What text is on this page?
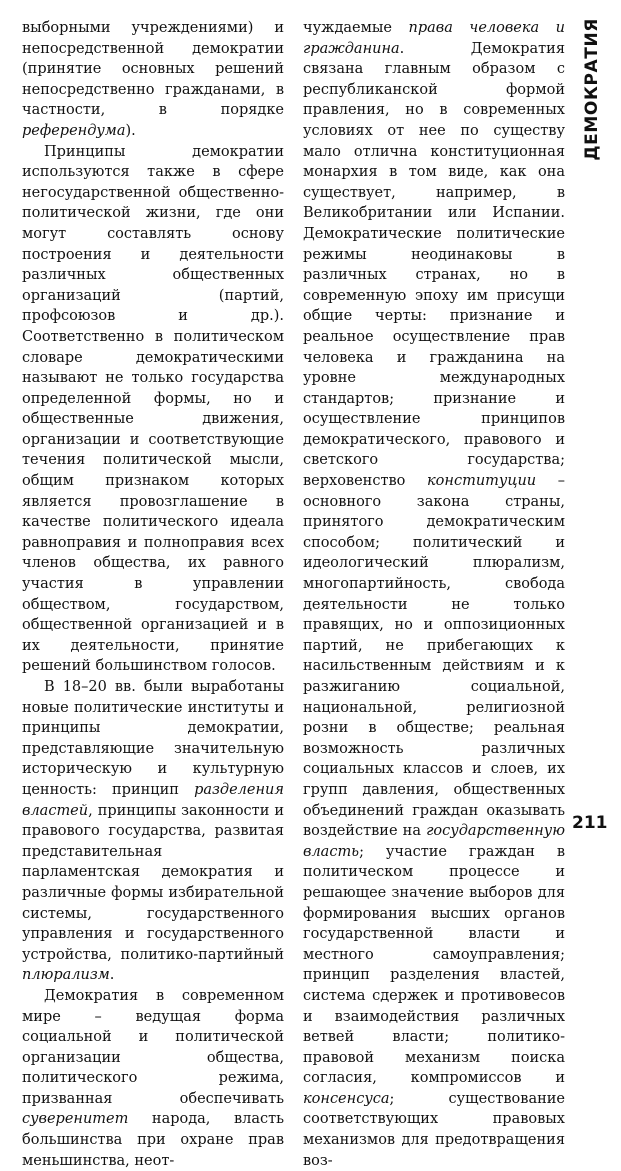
выборными учреждениями) и непосредственной демократии (принятие основных решений непосредственно гражданами, в частности, в порядке референдума).

Принципы демократии используются также в сфере негосударственной общественно-политической жизни, где они могут составлять основу построения и деятельности различных общественных организаций (партий, профсоюзов и др.). Соответственно в политическом словаре демократическими называют не только государства определенной формы, но и общественные движения, организации и соответствующие течения политической мысли, общим признаком которых является провозглашение в качестве политического идеала равноправия и полноправия всех членов общества, их равного участия в управлении обществом, государством, общественной организацией и в их деятельности, принятие решений большинством голосов.

В 18–20 вв. были выработаны новые политические институты и принципы демократии, представляющие значительную историческую и культурную ценность: принцип разделения властей, принципы законности и правового государства, развитая представительная парламентская демократия и различные формы избирательной системы, государственного управления и государственного устройства, политико-партийный плюрализм.

Демократия в современном мире – ведущая форма социальной и политической организации общества, политического режима, призванная обеспечивать суверенитет народа, власть большинства при охране прав меньшинства, неот-

чуждаемые права человека и гражданина. Демократия связана главным образом с республиканской формой правления, но в современных условиях от нее по существу мало отлична конституционная монархия в том виде, как она существует, например, в Великобритании или Испании. Демократические политические режимы неодинаковы в различных странах, но в современную эпоху им присущи общие черты: признание и реальное осуществление прав человека и гражданина на уровне международных стандартов; признание и осуществление принципов демократического, правового и светского государства; верховенство конституции – основного закона страны, принятого демократическим способом; политический и идеологический плюрализм, многопартийность, свобода деятельности не только правящих, но и оппозиционных партий, не прибегающих к насильственным действиям и к разжиганию социальной, национальной, религиозной розни в обществе; реальная возможность различных социальных классов и слоев, их групп давления, общественных объединений граждан оказывать воздействие на государственную власть; участие граждан в политическом процессе и решающее значение выборов для формирования высших органов государственной власти и местного самоуправления; принцип разделения властей, система сдержек и противовесов и взаимодействия различных ветвей власти; политико-правовой механизм поиска согласия, компромиссов и консенсуса; существование соответствующих правовых механизмов для предотвращения воз-

ДЕМОКРАТИЯ
211
